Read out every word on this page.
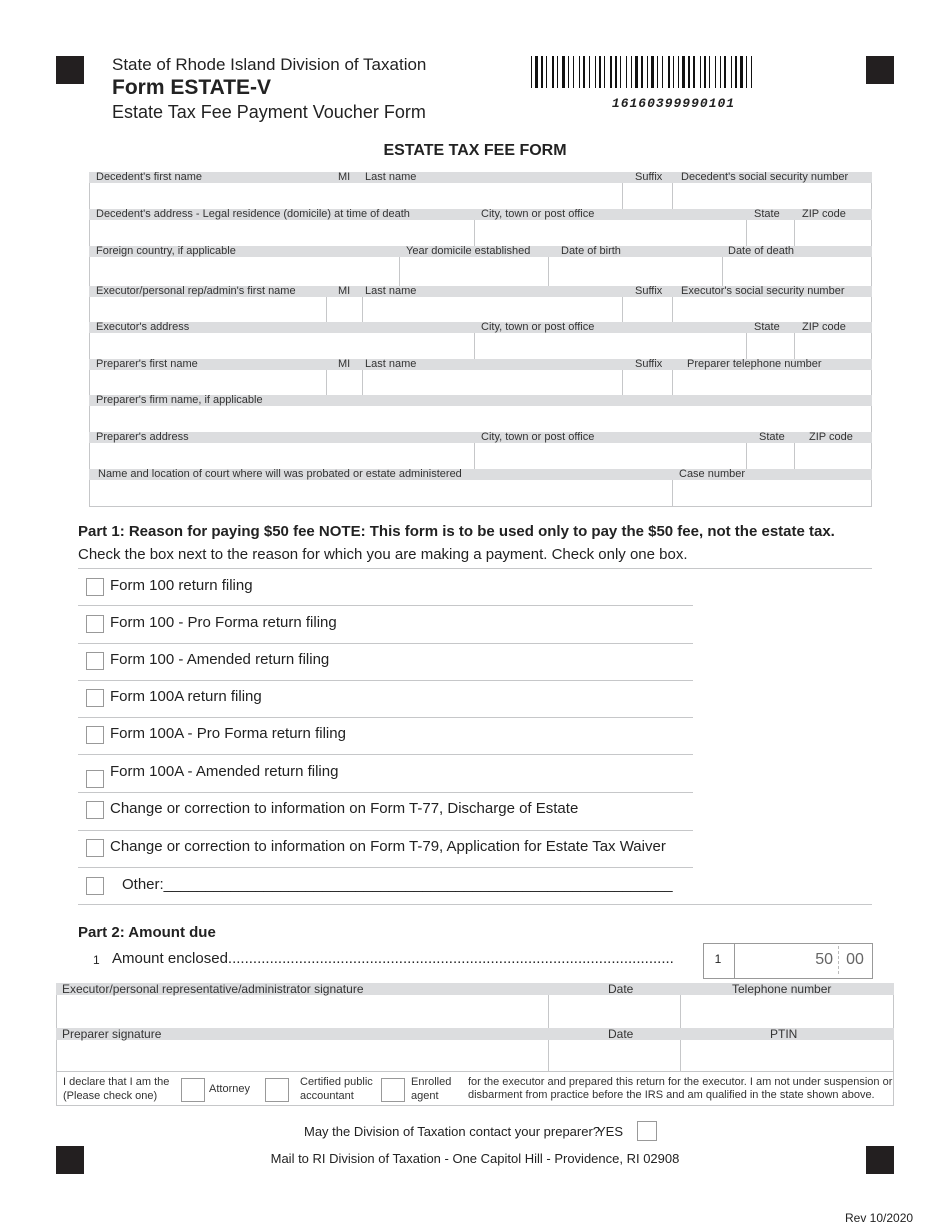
State of Rhode Island Division of Taxation
Form ESTATE-V
Estate Tax Fee Payment Voucher Form	16160399990101
ESTATE TAX FEE FORM
Decedent's first name	MI Last name	Suffix Decedent's social security number
Decedent's address - Legal residence (domicile) at time of death	City, town or post office	State ZIP code
Foreign country, if applicable	Year domicile established	Date of birth	Date of death
Executor/personal rep/admin's first name	MI Last name	Suffix Executor's social security number
Executor's address	City, town or post office	State ZIP code
Preparer's first name	MI Last name	Suffix Preparer telephone number
Preparer's firm name, if applicable
Preparer's address	City, town or post office	State ZIP code
Name and location of court where will was probated or estate administered	Case number
Part 1: Reason for paying $50 fee NOTE: This form is to be used only to pay the $50 fee, not the estate tax.
Check the box next to the reason for which you are making a payment. Check only one box.
Form 100 return filing
Form 100 - Pro Forma return filing
Form 100 - Amended return filing
Form 100A return filing
Form 100A - Pro Forma return filing
Form 100A - Amended return filing
Change or correction to information on Form T-77, Discharge of Estate
Change or correction to information on Form T-79, Application for Estate Tax Waiver
Other:_____________________________________________________________
Part 2: Amount due
1 Amount enclosed...........................................................................................................	1	50 00
Executor/personal representative/administrator signature	Date	Telephone number
Preparer signature	Date	PTIN
I declare that I am the
(Please check one)
Attorney
Certified public
accountant
Enrolled
agent
for the executor and prepared this return for the executor. I am not under suspension or
disbarment from practice before the IRS and am qualified in the state shown above.
May the Division of Taxation contact your preparer?
YES
Mail to RI Division of Taxation - One Capitol Hill - Providence, RI 02908
Rev 10/2020
